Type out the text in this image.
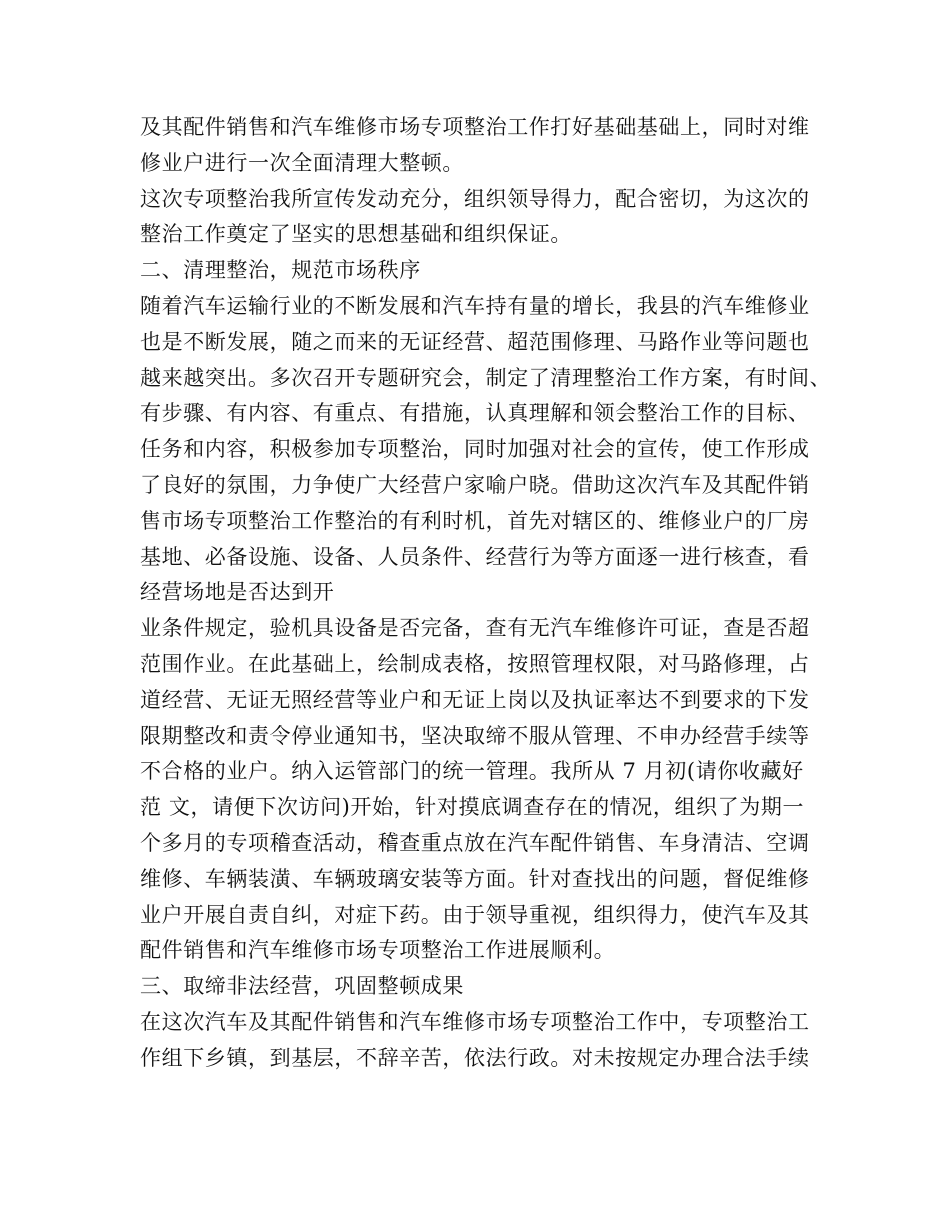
及其配件销售和汽车维修市场专项整治工作打好基础基础上，同时对维
修业户进行一次全面清理大整顿。
这次专项整治我所宣传发动充分，组织领导得力，配合密切，为这次的
整治工作奠定了坚实的思想基础和组织保证。
二、清理整治，规范市场秩序
随着汽车运输行业的不断发展和汽车持有量的增长，我县的汽车维修业
也是不断发展，随之而来的无证经营、超范围修理、马路作业等问题也
越来越突出。多次召开专题研究会，制定了清理整治工作方案，有时间、
有步骤、有内容、有重点、有措施，认真理解和领会整治工作的目标、
任务和内容，积极参加专项整治，同时加强对社会的宣传，使工作形成
了良好的氛围，力争使广大经营户家喻户晓。借助这次汽车及其配件销
售市场专项整治工作整治的有利时机，首先对辖区的、维修业户的厂房
基地、必备设施、设备、人员条件、经营行为等方面逐一进行核查，看
经营场地是否达到开
业条件规定，验机具设备是否完备，查有无汽车维修许可证，查是否超
范围作业。在此基础上，绘制成表格，按照管理权限，对马路修理，占
道经营、无证无照经营等业户和无证上岗以及执证率达不到要求的下发
限期整改和责令停业通知书，坚决取缔不服从管理、不申办经营手续等
不合格的业户。纳入运管部门的统一管理。我所从 7 月初(请你收藏好
范 文，请便下次访问)开始，针对摸底调查存在的情况，组织了为期一
个多月的专项稽查活动，稽查重点放在汽车配件销售、车身清洁、空调
维修、车辆装潢、车辆玻璃安装等方面。针对查找出的问题，督促维修
业户开展自责自纠，对症下药。由于领导重视，组织得力，使汽车及其
配件销售和汽车维修市场专项整治工作进展顺利。
三、取缔非法经营，巩固整顿成果
在这次汽车及其配件销售和汽车维修市场专项整治工作中，专项整治工
作组下乡镇，到基层，不辞辛苦，依法行政。对未按规定办理合法手续
